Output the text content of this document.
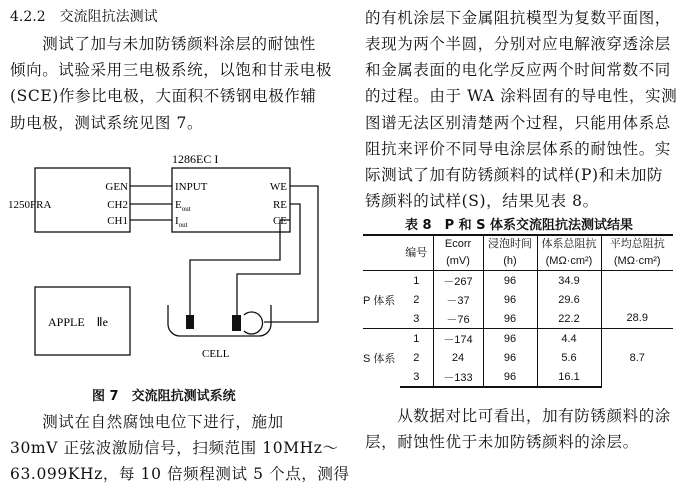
4.2.2　交流阻抗法测试
　　测试了加与未加防锈颜料涂层的耐蚀性
倾向。试验采用三电极系统，以饱和甘汞电极
(SCE)作参比电极，大面积不锈钢电极作辅
助电极，测试系统见图 7。
1286EC I
1250FRA
GEN
CH2
CH1
INPUT
$E_{out}$
$I_{out}$
WE
RE
CE
APPLE　Ⅱe
CELL
图 7　交流阻抗测试系统
　　测试在自然腐蚀电位下进行，施加
30mV 正弦波激励信号，扫频范围 10MHz～
63.099KHz，每 10 倍频程测试 5 个点，测得
的有机涂层下金属阻抗模型为复数平面图，
表现为两个半圆，分别对应电解液穿透涂层
和金属表面的电化学反应两个时间常数不同
的过程。由于 WA 涂料固有的导电性，实测
图谱无法区别清楚两个过程，只能用体系总
阻抗来评价不同导电涂层体系的耐蚀性。实
际测试了加有防锈颜料的试样(P)和未加防
锈颜料的试样(S)，结果见表 8。
表 8　P 和 S 体系交流阻抗法测试结果
	编号	Ecorr	浸泡时间	体系总阻抗	平均总阻抗
		(mV)	(h)	(MΩ·cm²)	(MΩ·cm²)
P 体系	1	－267	96	34.9	28.9
	2	－37	96	29.6	
	3	－76	96	22.2	
S 体系	1	－174	96	4.4	8.7
	2	24	96	5.6	
	3	－133	96	16.1	
　　从数据对比可看出，加有防锈颜料的涂
层，耐蚀性优于未加防锈颜料的涂层。
